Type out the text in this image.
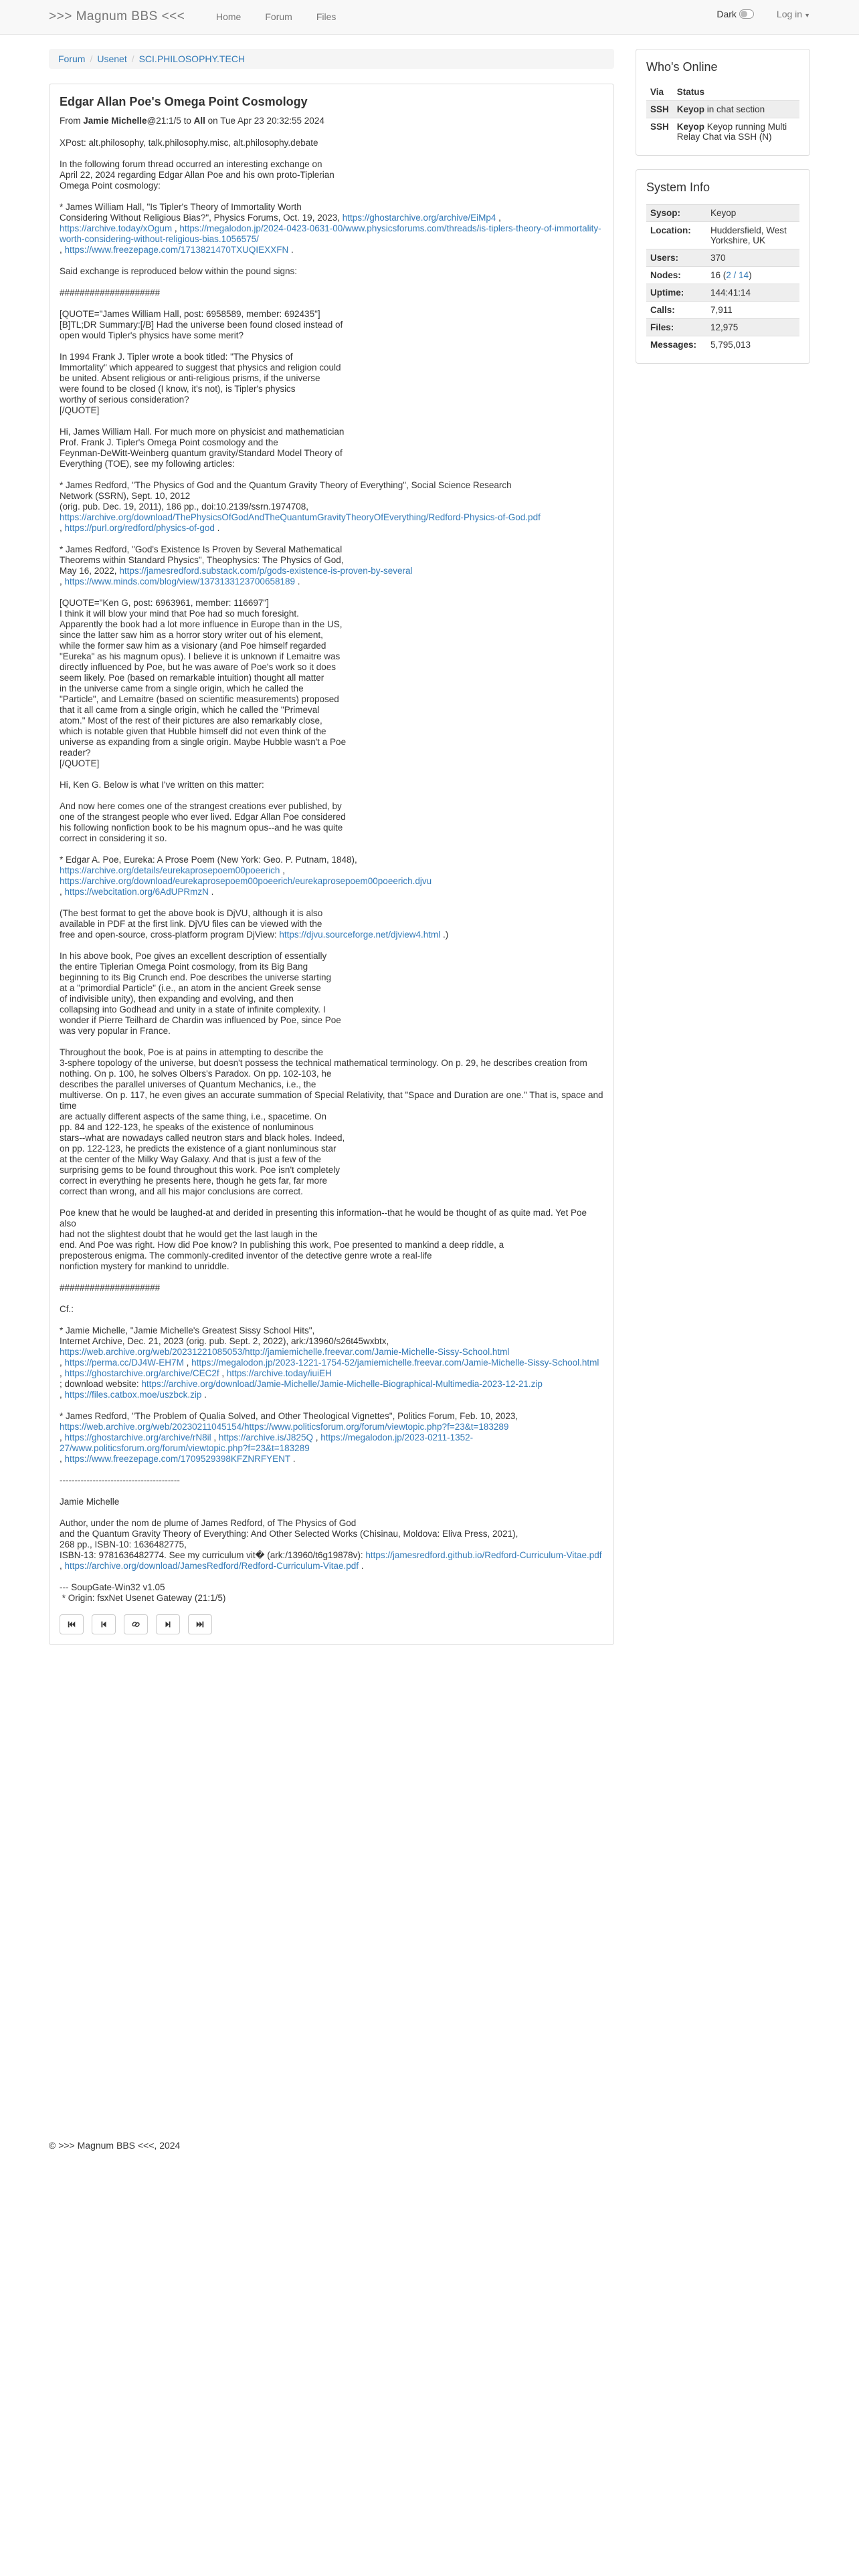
>>> Magnum BBS <<<	Home	Forum	Files	Dark	Log in ▼
Forum / Usenet / SCI.PHILOSOPHY.TECH
Edgar Allan Poe's Omega Point Cosmology
From Jamie Michelle@21:1/5 to All on Tue Apr 23 20:32:55 2024
XPost: alt.philosophy, talk.philosophy.misc, alt.philosophy.debate

In the following forum thread occurred an interesting exchange on
April 22, 2024 regarding Edgar Allan Poe and his own proto-Tiplerian
Omega Point cosmology:

* James William Hall, "Is Tipler's Theory of Immortality Worth
Considering Without Religious Bias?", Physics Forums, Oct. 19, 2023, https://ghostarchive.org/archive/EiMp4 ,
https://archive.today/xOgum , https://megalodon.jp/2024-0423-0631-00/www.physicsforums.com/threads/is-tiplers-theory-of-immortality-worth-considering-without-religious-bias.1056575/
, https://www.freezepage.com/1713821470TXUQIEXXFN .

Said exchange is reproduced below within the pound signs:

####################

[QUOTE="James William Hall, post: 6958589, member: 692435"]
[B]TL;DR Summary:[/B] Had the universe been found closed instead of
open would Tipler's physics have some merit?

In 1994 Frank J. Tipler wrote a book titled: "The Physics of
Immortality" which appeared to suggest that physics and religion could
be united. Absent religious or anti-religious prisms, if the universe
were found to be closed (I know, it's not), is Tipler's physics
worthy of serious consideration?
[/QUOTE]

Hi, James William Hall. For much more on physicist and mathematician
Prof. Frank J. Tipler's Omega Point cosmology and the
Feynman-DeWitt-Weinberg quantum gravity/Standard Model Theory of
Everything (TOE), see my following articles:

* James Redford, "The Physics of God and the Quantum Gravity Theory of Everything", Social Science Research
Network (SSRN), Sept. 10, 2012
(orig. pub. Dec. 19, 2011), 186 pp., doi:10.2139/ssrn.1974708,
https://archive.org/download/ThePhysicsOfGodAndTheQuantumGravityTheoryOfEverything/Redford-Physics-of-God.pdf
, https://purl.org/redford/physics-of-god .

* James Redford, "God's Existence Is Proven by Several Mathematical
Theorems within Standard Physics", Theophysics: The Physics of God,
May 16, 2022, https://jamesredford.substack.com/p/gods-existence-is-proven-by-several
, https://www.minds.com/blog/view/1373133123700658189 .

[QUOTE="Ken G, post: 6963961, member: 116697"]
I think it will blow your mind that Poe had so much foresight.
Apparently the book had a lot more influence in Europe than in the US,
since the latter saw him as a horror story writer out of his element,
while the former saw him as a visionary (and Poe himself regarded
"Eureka" as his magnum opus). I believe it is unknown if Lemaitre was
directly influenced by Poe, but he was aware of Poe's work so it does
seem likely. Poe (based on remarkable intuition) thought all matter
in the universe came from a single origin, which he called the
"Particle", and Lemaitre (based on scientific measurements) proposed
that it all came from a single origin, which he called the "Primeval
atom." Most of the rest of their pictures are also remarkably close,
which is notable given that Hubble himself did not even think of the
universe as expanding from a single origin. Maybe Hubble wasn't a Poe
reader?
[/QUOTE]

Hi, Ken G. Below is what I've written on this matter:

And now here comes one of the strangest creations ever published, by
one of the strangest people who ever lived. Edgar Allan Poe considered
his following nonfiction book to be his magnum opus--and he was quite
correct in considering it so.

* Edgar A. Poe, Eureka: A Prose Poem (New York: Geo. P. Putnam, 1848),
https://archive.org/details/eurekaprosepoem00poeerich ,
https://archive.org/download/eurekaprosepoem00poeerich/eurekaprosepoem00poeerich.djvu
, https://webcitation.org/6AdUPRmzN .

(The best format to get the above book is DjVU, although it is also
available in PDF at the first link. DjVU files can be viewed with the
free and open-source, cross-platform program DjView: https://djvu.sourceforge.net/djview4.html .)

In his above book, Poe gives an excellent description of essentially
the entire Tiplerian Omega Point cosmology, from its Big Bang
beginning to its Big Crunch end. Poe describes the universe starting
at a "primordial Particle" (i.e., an atom in the ancient Greek sense
of indivisible unity), then expanding and evolving, and then
collapsing into Godhead and unity in a state of infinite complexity. I
wonder if Pierre Teilhard de Chardin was influenced by Poe, since Poe
was very popular in France.

Throughout the book, Poe is at pains in attempting to describe the
3-sphere topology of the universe, but doesn't possess the technical mathematical terminology. On p. 29, he describes creation from
nothing. On p. 100, he solves Olbers's Paradox. On pp. 102-103, he
describes the parallel universes of Quantum Mechanics, i.e., the
multiverse. On p. 117, he even gives an accurate summation of Special Relativity, that "Space and Duration are one." That is, space and time
are actually different aspects of the same thing, i.e., spacetime. On
pp. 84 and 122-123, he speaks of the existence of nonluminous
stars--what are nowadays called neutron stars and black holes. Indeed,
on pp. 122-123, he predicts the existence of a giant nonluminous star
at the center of the Milky Way Galaxy. And that is just a few of the
surprising gems to be found throughout this work. Poe isn't completely
correct in everything he presents here, though he gets far, far more
correct than wrong, and all his major conclusions are correct.

Poe knew that he would be laughed-at and derided in presenting this information--that he would be thought of as quite mad. Yet Poe also
had not the slightest doubt that he would get the last laugh in the
end. And Poe was right. How did Poe know? In publishing this work, Poe presented to mankind a deep riddle, a
preposterous enigma. The commonly-credited inventor of the detective genre wrote a real-life
nonfiction mystery for mankind to unriddle.

####################

Cf.:

* Jamie Michelle, "Jamie Michelle's Greatest Sissy School Hits",
Internet Archive, Dec. 21, 2023 (orig. pub. Sept. 2, 2022), ark:/13960/s26t45wxbtx,
https://web.archive.org/web/20231221085053/http://jamiemichelle.freevar.com/Jamie-Michelle-Sissy-School.html
, https://perma.cc/DJ4W-EH7M , https://megalodon.jp/2023-1221-1754-52/jamiemichelle.freevar.com/Jamie-Michelle-Sissy-School.html
, https://ghostarchive.org/archive/CEC2f , https://archive.today/iuiEH
; download website: https://archive.org/download/Jamie-Michelle/Jamie-Michelle-Biographical-Multimedia-2023-12-21.zip
, https://files.catbox.moe/uszbck.zip .

* James Redford, "The Problem of Qualia Solved, and Other Theological Vignettes", Politics Forum, Feb. 10, 2023,
https://web.archive.org/web/20230211045154/https://www.politicsforum.org/forum/viewtopic.php?f=23&t=183289
, https://ghostarchive.org/archive/rN8il , https://archive.is/J825Q , https://megalodon.jp/2023-0211-1352-27/www.politicsforum.org/forum/viewtopic.php?f=23&t=183289
, https://www.freezepage.com/1709529398KFZNRFYENT .

----------------------------------------

Jamie Michelle

Author, under the nom de plume of James Redford, of The Physics of God
and the Quantum Gravity Theory of Everything: And Other Selected Works (Chisinau, Moldova: Eliva Press, 2021),
268 pp., ISBN-10: 1636482775,
ISBN-13: 9781636482774. See my curriculum vit� (ark:/13960/t6g19878v): https://jamesredford.github.io/Redford-Curriculum-Vitae.pdf
, https://archive.org/download/JamesRedford/Redford-Curriculum-Vitae.pdf .

--- SoupGate-Win32 v1.05
* Origin: fsxNet Usenet Gateway (21:1/5)
Who's Online
Via	Status
SSH	Keyop in chat section
SSH	Keyop Keyop running Multi Relay Chat via SSH (N)
System Info
Sysop:	Keyop
Location:	Huddersfield, West Yorkshire, UK
Users:	370
Nodes:	16 (2 / 14)
Uptime:	144:41:14
Calls:	7,911
Files:	12,975
Messages:	5,795,013
© >>> Magnum BBS <<<, 2024
